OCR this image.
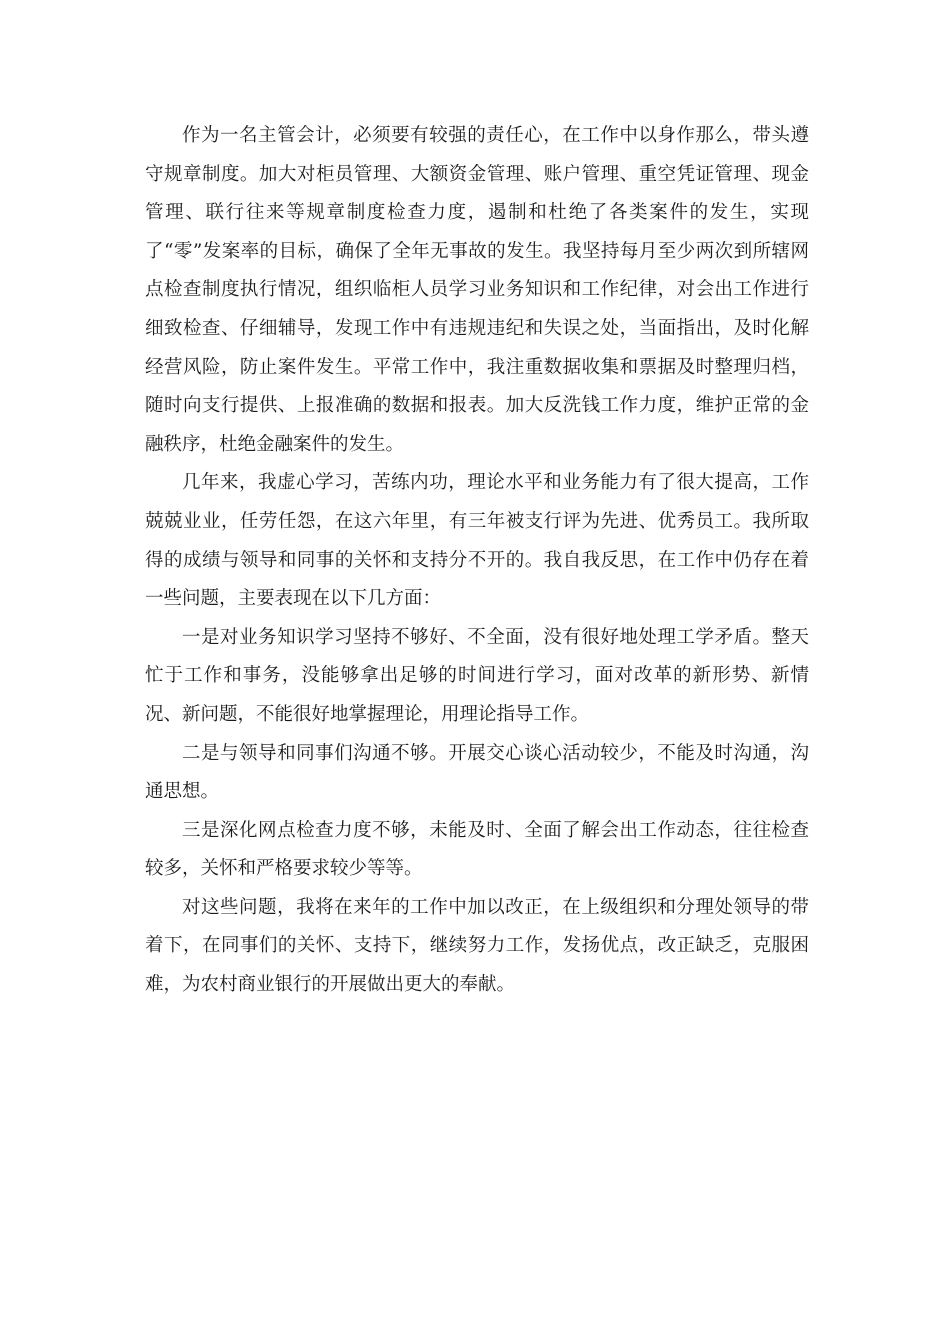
作为一名主管会计，必须要有较强的责任心，在工作中以身作那么，带头遵守规章制度。加大对柜员管理、大额资金管理、账户管理、重空凭证管理、现金管理、联行往来等规章制度检查力度，遏制和杜绝了各类案件的发生，实现了“零”发案率的目标，确保了全年无事故的发生。我坚持每月至少两次到所辖网点检查制度执行情况，组织临柜人员学习业务知识和工作纪律，对会出工作进行细致检查、仔细辅导，发现工作中有违规违纪和失误之处，当面指出，及时化解经营风险，防止案件发生。平常工作中，我注重数据收集和票据及时整理归档，随时向支行提供、上报准确的数据和报表。加大反洗钱工作力度，维护正常的金融秩序，杜绝金融案件的发生。

几年来，我虚心学习，苦练内功，理论水平和业务能力有了很大提高，工作兢兢业业，任劳任怨，在这六年里，有三年被支行评为先进、优秀员工。我所取得的成绩与领导和同事的关怀和支持分不开的。我自我反思，在工作中仍存在着一些问题，主要表现在以下几方面：

一是对业务知识学习坚持不够好、不全面，没有很好地处理工学矛盾。整天忙于工作和事务，没能够拿出足够的时间进行学习，面对改革的新形势、新情况、新问题，不能很好地掌握理论，用理论指导工作。

二是与领导和同事们沟通不够。开展交心谈心活动较少，不能及时沟通，沟通思想。

三是深化网点检查力度不够，未能及时、全面了解会出工作动态，往往检查较多，关怀和严格要求较少等等。

对这些问题，我将在来年的工作中加以改正，在上级组织和分理处领导的带着下，在同事们的关怀、支持下，继续努力工作，发扬优点，改正缺乏，克服困难，为农村商业银行的开展做出更大的奉献。
